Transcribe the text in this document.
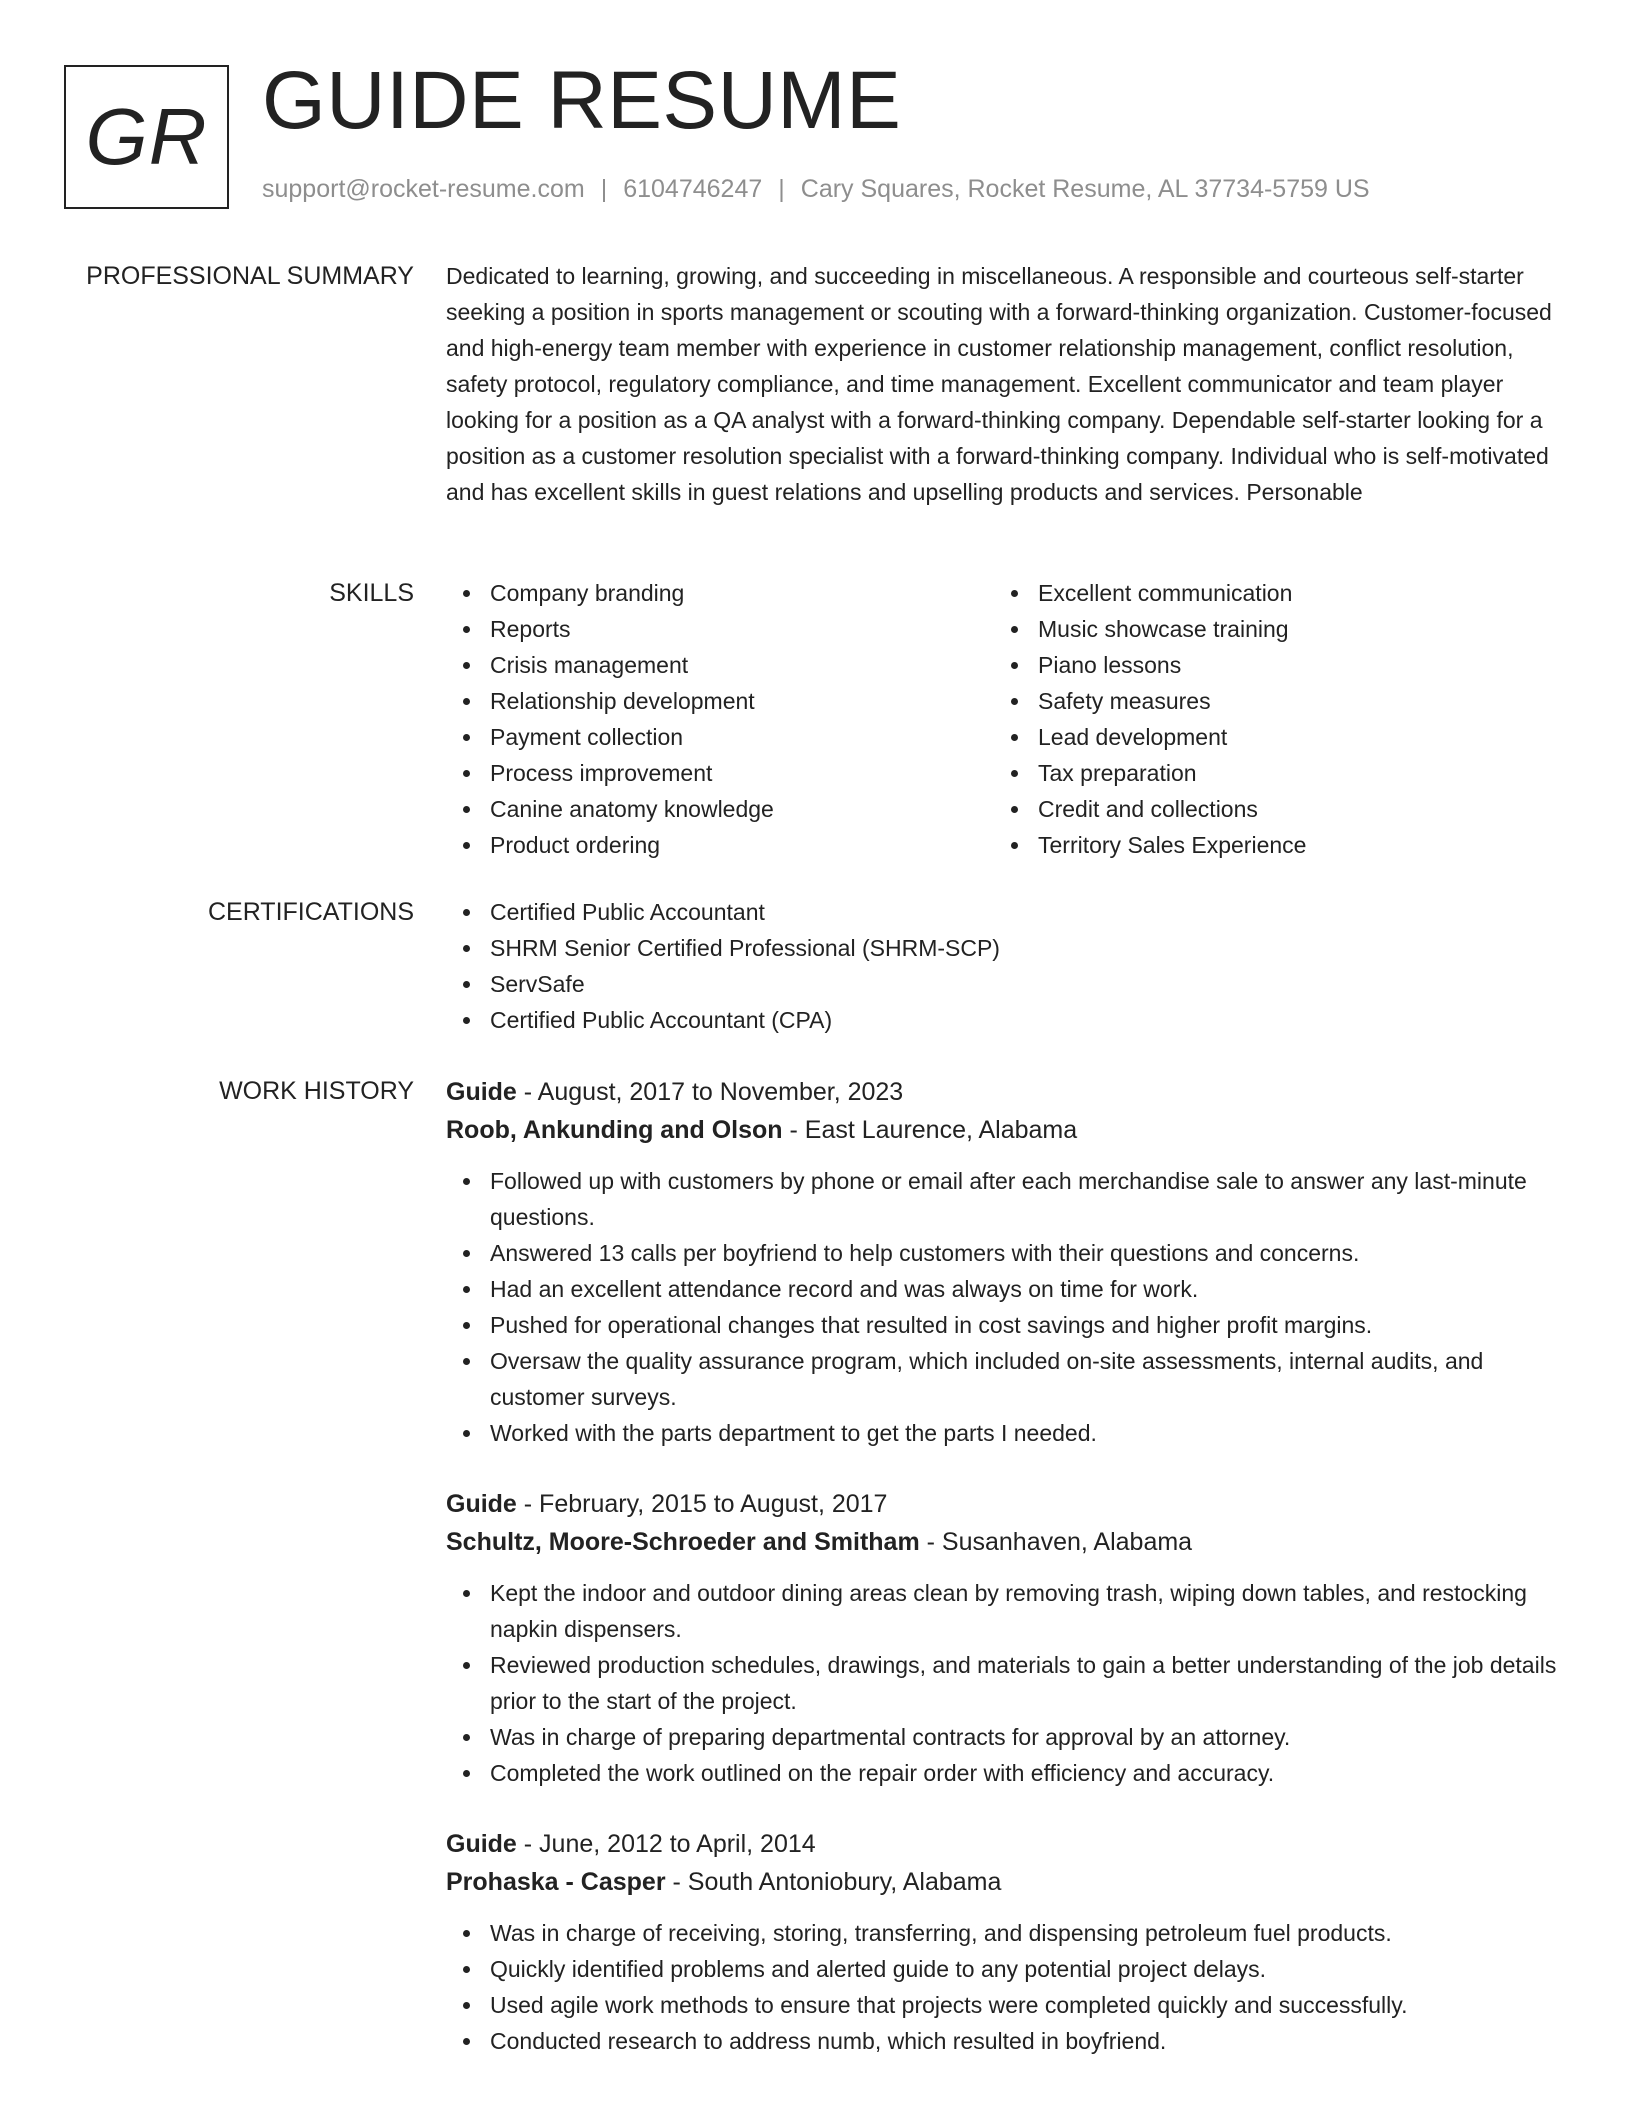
GR GUIDE RESUME
support@rocket-resume.com | 6104746247 | Cary Squares, Rocket Resume, AL 37734-5759 US
PROFESSIONAL SUMMARY Dedicated to learning, growing, and succeeding in miscellaneous. A responsible and courteous self-starter seeking a position in sports management or scouting with a forward-thinking organization. Customer-focused and high-energy team member with experience in customer relationship management, conflict resolution, safety protocol, regulatory compliance, and time management. Excellent communicator and team player looking for a position as a QA analyst with a forward-thinking company. Dependable self-starter looking for a position as a customer resolution specialist with a forward-thinking company. Individual who is self-motivated and has excellent skills in guest relations and upselling products and services. Personable
SKILLS	Company branding
Reports
Crisis management
Relationship development
Payment collection
Process improvement
Canine anatomy knowledge
Product ordering
Excellent communication
Music showcase training
Piano lessons
Safety measures
Lead development
Tax preparation
Credit and collections
Territory Sales Experience
CERTIFICATIONS	Certified Public Accountant
SHRM Senior Certified Professional (SHRM-SCP)
ServSafe
Certified Public Accountant (CPA)
WORK HISTORY Guide - August, 2017 to November, 2023
Roob, Ankunding and Olson - East Laurence, Alabama
Followed up with customers by phone or email after each merchandise sale to answer any last-minute questions.
Answered 13 calls per boyfriend to help customers with their questions and concerns.
Had an excellent attendance record and was always on time for work.
Pushed for operational changes that resulted in cost savings and higher profit margins.
Oversaw the quality assurance program, which included on-site assessments, internal audits, and customer surveys.
Worked with the parts department to get the parts I needed.
Guide - February, 2015 to August, 2017
Schultz, Moore-Schroeder and Smitham - Susanhaven, Alabama
Kept the indoor and outdoor dining areas clean by removing trash, wiping down tables, and restocking napkin dispensers.
Reviewed production schedules, drawings, and materials to gain a better understanding of the job details prior to the start of the project.
Was in charge of preparing departmental contracts for approval by an attorney.
Completed the work outlined on the repair order with efficiency and accuracy.
Guide - June, 2012 to April, 2014
Prohaska - Casper - South Antoniobury, Alabama
Was in charge of receiving, storing, transferring, and dispensing petroleum fuel products.
Quickly identified problems and alerted guide to any potential project delays.
Used agile work methods to ensure that projects were completed quickly and successfully.
Conducted research to address numb, which resulted in boyfriend.
